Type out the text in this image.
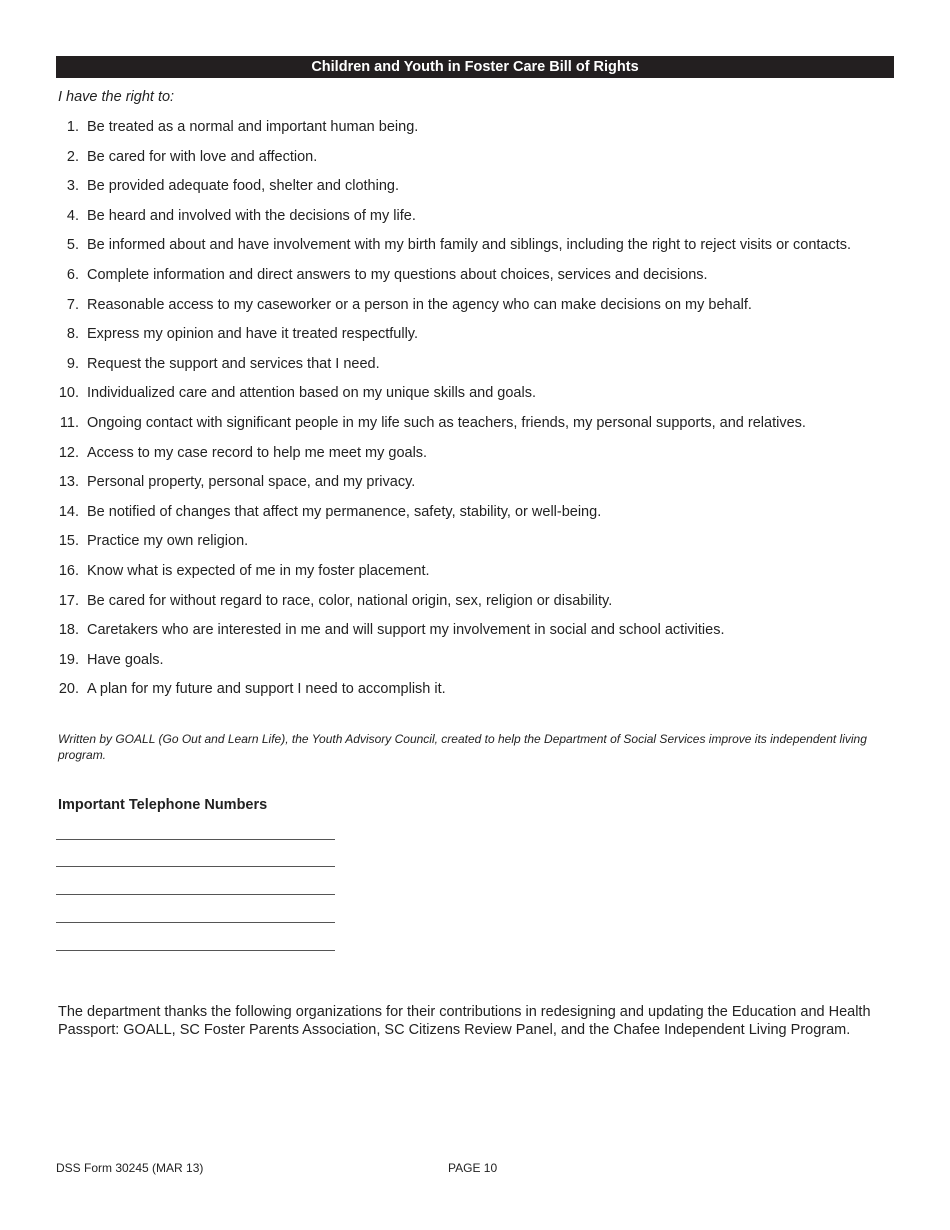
Children and Youth in Foster Care Bill of Rights
I have the right to:
1. Be treated as a normal and important human being.
2. Be cared for with love and affection.
3. Be provided adequate food, shelter and clothing.
4. Be heard and involved with the decisions of my life.
5. Be informed about and have involvement with my birth family and siblings, including the right to reject visits or contacts.
6. Complete information and direct answers to my questions about choices, services and decisions.
7. Reasonable access to my caseworker or a person in the agency who can make decisions on my behalf.
8. Express my opinion and have it treated respectfully.
9. Request the support and services that I need.
10. Individualized care and attention based on my unique skills and goals.
11. Ongoing contact with significant people in my life such as teachers, friends, my personal supports, and relatives.
12. Access to my case record to help me meet my goals.
13. Personal property, personal space, and my privacy.
14. Be notified of changes that affect my permanence, safety, stability, or well-being.
15. Practice my own religion.
16. Know what is expected of me in my foster placement.
17. Be cared for without regard to race, color, national origin, sex, religion or disability.
18. Caretakers who are interested in me and will support my involvement in social and school activities.
19. Have goals.
20. A plan for my future and support I need to accomplish it.
Written by GOALL (Go Out and Learn Life), the Youth Advisory Council, created to help the Department of Social Services improve its independent living program.
Important Telephone Numbers
The department thanks the following organizations for their contributions in redesigning and updating the Education and Health Passport: GOALL, SC Foster Parents Association, SC Citizens Review Panel, and the Chafee Independent Living Program.
DSS Form 30245 (MAR 13)	PAGE 10
